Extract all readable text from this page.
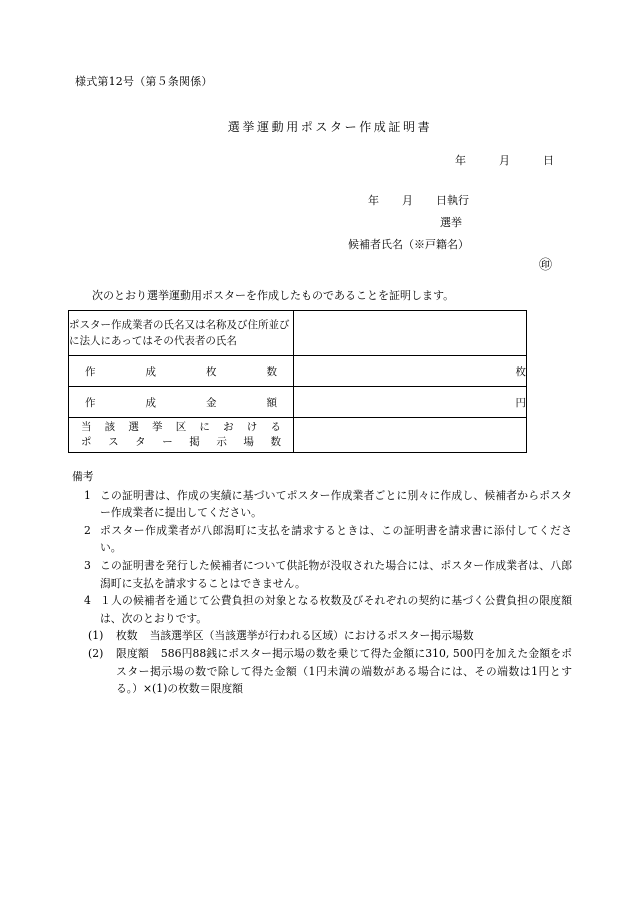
様式第12号（第５条関係）
選挙運動用ポスター作成証明書
年	月	日
年 月 日執行
選挙
候補者氏名（※戸籍名）
㊞
次のとおり選挙運動用ポスターを作成したものであることを証明します。
ポスター作成業者の氏名又は名称及び住所並びに法人にあってはその代表者の氏名	

作成枚数	枚

作成金額	円

当該選挙区における
ポスター掲示場数	

備考
1 この証明書は、作成の実績に基づいてポスター作成業者ごとに別々に作成し、候補者からポスター作成業者に提出してください。
2 ポスター作成業者が八郎潟町に支払を請求するときは、この証明書を請求書に添付してください。
3 この証明書を発行した候補者について供託物が没収された場合には、ポスター作成業者は、八郎潟町に支払を請求することはできません。
4 １人の候補者を通じて公費負担の対象となる枚数及びそれぞれの契約に基づく公費負担の限度額は、次のとおりです。
(1)	枚数 当該選挙区（当該選挙が行われる区域）におけるポスター掲示場数
(2)	限度額 586円88銭にポスター掲示場の数を乗じて得た金額に310, 500円を加えた金額をポスター掲示場の数で除して得た金額（1円未満の端数がある場合には、その端数は1円とする。）×(1)の枚数＝限度額
